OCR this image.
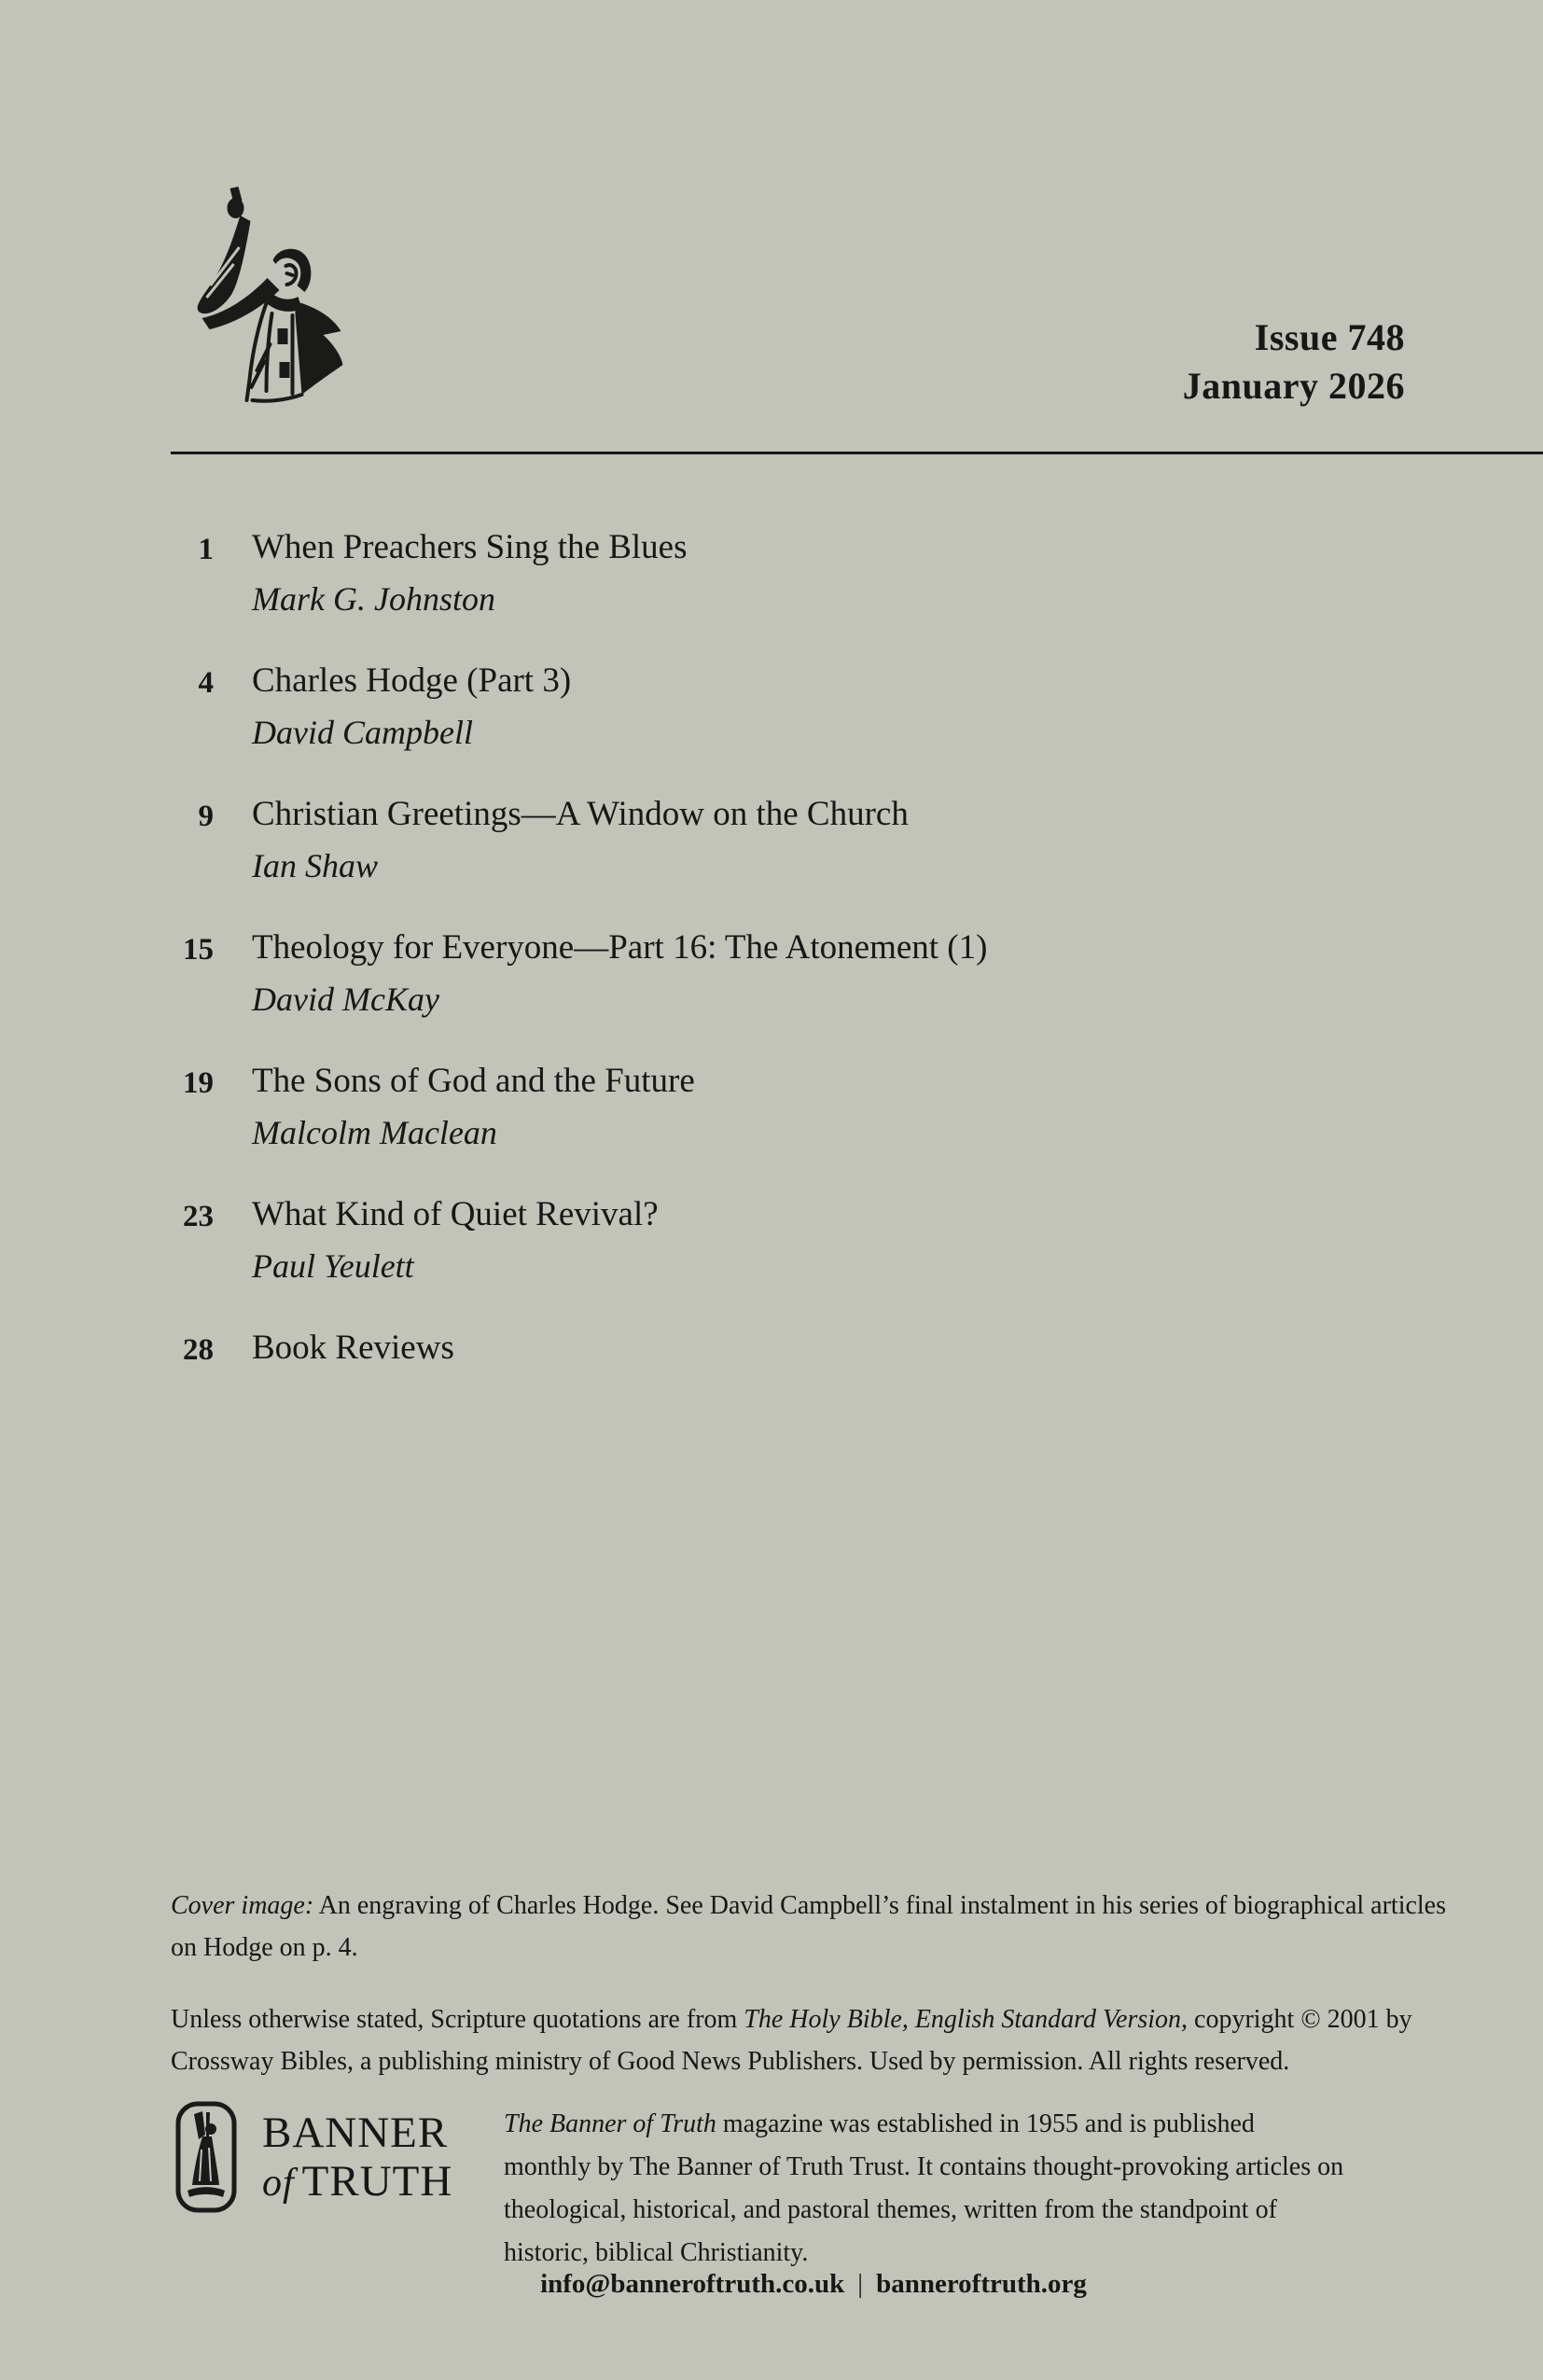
Issue 748
January 2026
1 When Preachers Sing the Blues
Mark G. Johnston
4 Charles Hodge (Part 3)
David Campbell
9 Christian Greetings—A Window on the Church
Ian Shaw
15 Theology for Everyone—Part 16: The Atonement (1)
David McKay
19 The Sons of God and the Future
Malcolm Maclean
23 What Kind of Quiet Revival?
Paul Yeulett
28 Book Reviews

Cover image: An engraving of Charles Hodge. See David Campbell’s final instalment in his series of biographical articles on Hodge on p. 4.

Unless otherwise stated, Scripture quotations are from The Holy Bible, English Standard Version, copyright © 2001 by Crossway Bibles, a publishing ministry of Good News Publishers. Used by permission. All rights reserved.

BANNER
of TRUTH

The Banner of Truth magazine was established in 1955 and is published monthly by The Banner of Truth Trust. It contains thought-provoking articles on theological, historical, and pastoral themes, written from the standpoint of historic, biblical Christianity.

info@banneroftruth.co.uk | banneroftruth.org
